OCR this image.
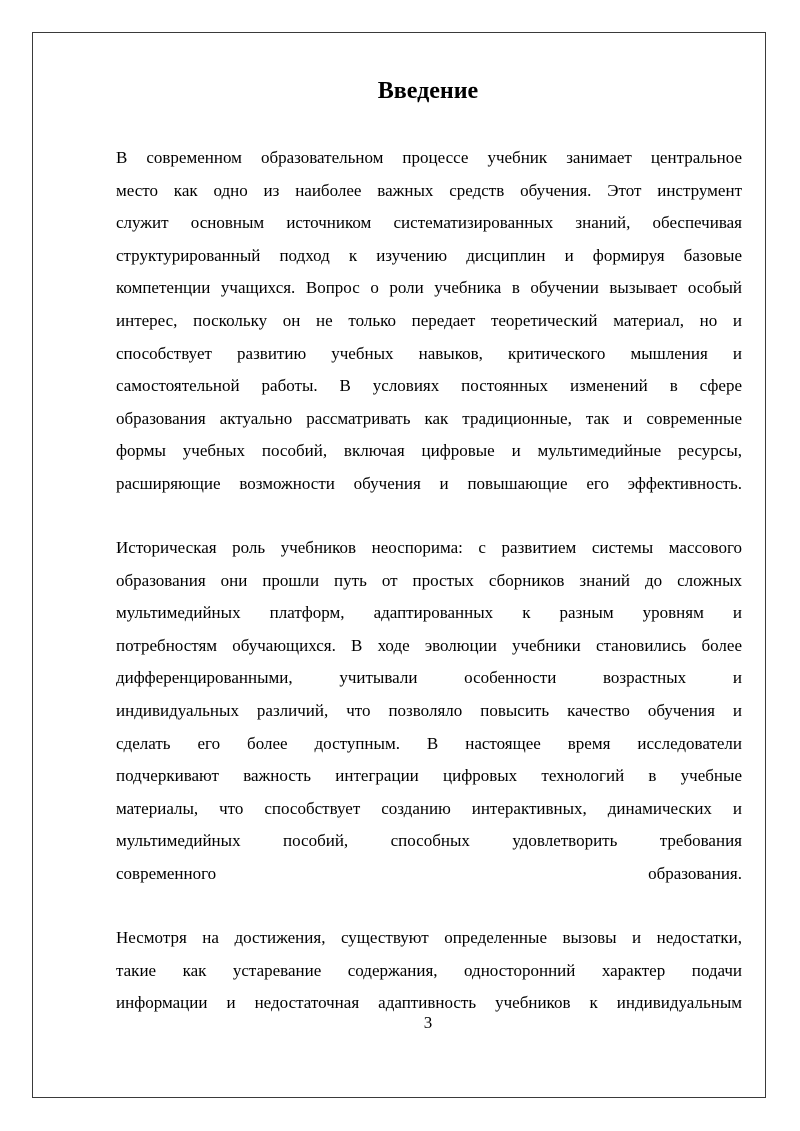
Введение
В современном образовательном процессе учебник занимает центральное
место как одно из наиболее важных средств обучения. Этот инструмент
служит основным источником систематизированных знаний, обеспечивая
структурированный подход к изучению дисциплин и формируя базовые
компетенции учащихся. Вопрос о роли учебника в обучении вызывает особый
интерес, поскольку он не только передает теоретический материал, но и
способствует развитию учебных навыков, критического мышления и
самостоятельной работы. В условиях постоянных изменений в сфере
образования актуально рассматривать как традиционные, так и современные
формы учебных пособий, включая цифровые и мультимедийные ресурсы,
расширяющие возможности обучения и повышающие его эффективность.
Историческая роль учебников неоспорима: с развитием системы массового
образования они прошли путь от простых сборников знаний до сложных
мультимедийных платформ, адаптированных к разным уровням и
потребностям обучающихся. В ходе эволюции учебники становились более
дифференцированными, учитывали особенности возрастных и
индивидуальных различий, что позволяло повысить качество обучения и
сделать его более доступным. В настоящее время исследователи
подчеркивают важность интеграции цифровых технологий в учебные
материалы, что способствует созданию интерактивных, динамических и
мультимедийных пособий, способных удовлетворить требования
современного образования.
Несмотря на достижения, существуют определенные вызовы и недостатки,
такие как устаревание содержания, односторонний характер подачи
информации и недостаточная адаптивность учебников к индивидуальным
3
